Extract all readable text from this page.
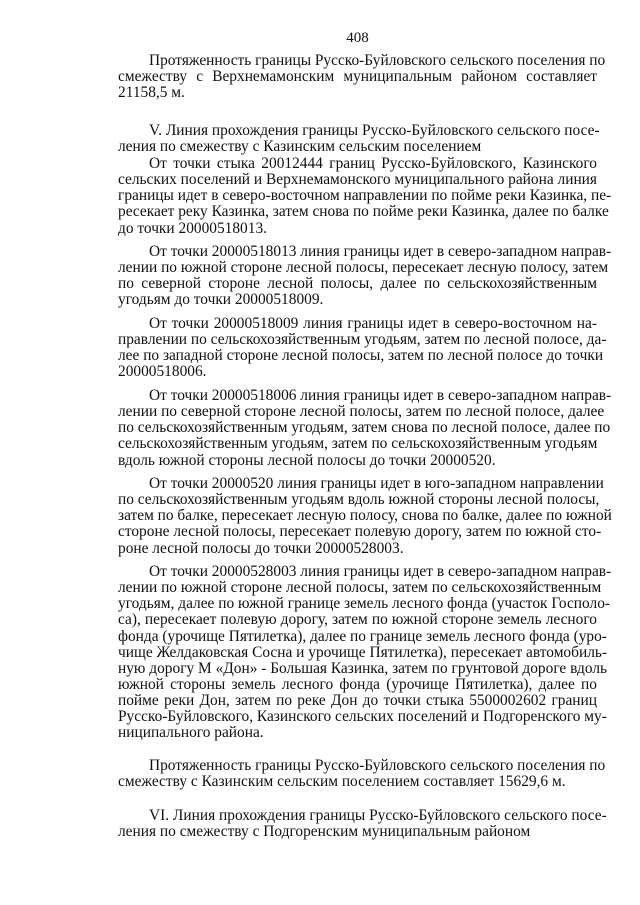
408
Протяженность границы Русско-Буйловского сельского поселения по
смежеству с Верхнемамонским муниципальным районом составляет
21158,5 м.
V. Линия прохождения границы Русско-Буйловского сельского посе-
ления по смежеству с Казинским сельским поселением
От точки стыка 20012444 границ Русско-Буйловского, Казинского
сельских поселений и Верхнемамонского муниципального района линия
границы идет в северо-восточном направлении по пойме реки Казинка, пе-
ресекает реку Казинка, затем снова по пойме реки Казинка, далее по балке
до точки 20000518013.
От точки 20000518013 линия границы идет в северо-западном направ-
лении по южной стороне лесной полосы, пересекает лесную полосу, затем
по северной стороне лесной полосы, далее по сельскохозяйственным
угодьям до точки 20000518009.
От точки 20000518009 линия границы идет в северо-восточном на-
правлении по сельскохозяйственным угодьям, затем по лесной полосе, да-
лее по западной стороне лесной полосы, затем по лесной полосе до точки
20000518006.
От точки 20000518006 линия границы идет в северо-западном направ-
лении по северной стороне лесной полосы, затем по лесной полосе, далее
по сельскохозяйственным угодьям, затем снова по лесной полосе, далее по
сельскохозяйственным угодьям, затем по сельскохозяйственным угодьям
вдоль южной стороны лесной полосы до точки 20000520.
От точки 20000520 линия границы идет в юго-западном направлении
по сельскохозяйственным угодьям вдоль южной стороны лесной полосы,
затем по балке, пересекает лесную полосу, снова по балке, далее по южной
стороне лесной полосы, пересекает полевую дорогу, затем по южной сто-
роне лесной полосы до точки 20000528003.
От точки 20000528003 линия границы идет в северо-западном направ-
лении по южной стороне лесной полосы, затем по сельскохозяйственным
угодьям, далее по южной границе земель лесного фонда (участок Госполо-
са), пересекает полевую дорогу, затем по южной стороне земель лесного
фонда (урочище Пятилетка), далее по границе земель лесного фонда (уро-
чище Желдаковская Сосна и урочище Пятилетка), пересекает автомобиль-
ную дорогу М «Дон» - Большая Казинка, затем по грунтовой дороге вдоль
южной стороны земель лесного фонда (урочище Пятилетка), далее по
пойме реки Дон, затем по реке Дон до точки стыка 5500002602 границ
Русско-Буйловского, Казинского сельских поселений и Подгоренского му-
ниципального района.
Протяженность границы Русско-Буйловского сельского поселения по
смежеству с Казинским сельским поселением составляет 15629,6 м.
VI. Линия прохождения границы Русско-Буйловского сельского посе-
ления по смежеству с Подгоренским муниципальным районом
